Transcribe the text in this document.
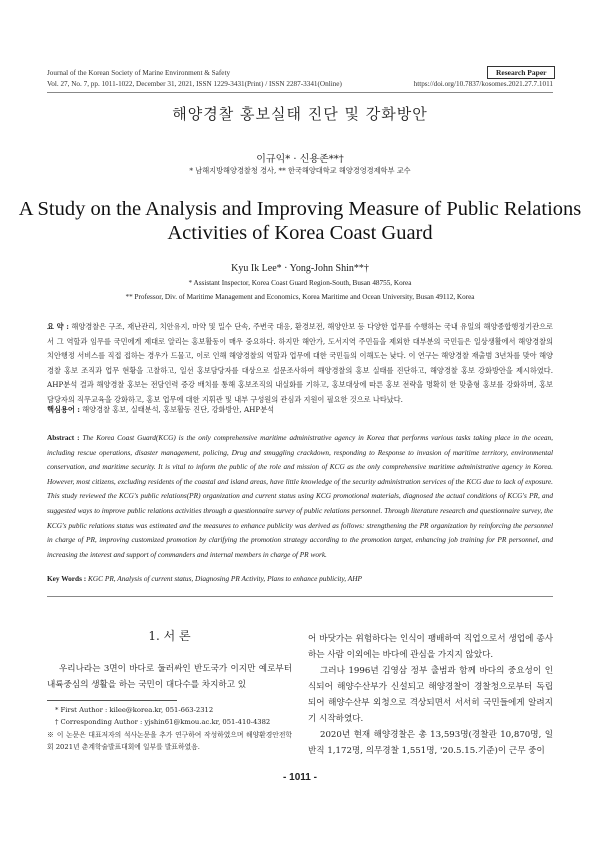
Journal of the Korean Society of Marine Environment & Safety	Research Paper
Vol. 27, No. 7, pp. 1011-1022, December 31, 2021, ISSN 1229-3431(Print) / ISSN 2287-3341(Online)	https://doi.org/10.7837/kosomes.2021.27.7.1011
해양경찰 홍보실태 진단 및 강화방안
이규익* · 신용존**†
* 남해지방해양경찰청 경사, ** 한국해양대학교 해양경영경제학부 교수
A Study on the Analysis and Improving Measure of Public Relations
Activities of Korea Coast Guard
Kyu Ik Lee* · Yong-John Shin**†
* Assistant Inspector, Korea Coast Guard Region-South, Busan 48755, Korea
** Professor, Div. of Maritime Management and Economics, Korea Maritime and Ocean University, Busan 49112, Korea
요 약 : 해양경찰은 구조, 재난관리, 치안유지, 마약 및 밀수 단속, 주변국 대응, 환경보전, 해양안보 등 다양한 업무를 수행하는 국내 유일의 해양종합행정기관으로서 그 역할과 임무를 국민에게 제대로 알리는 홍보활동이 매우 중요하다. 하지만 해안가, 도서지역 주민들을 제외한 대부분의 국민들은 일상생활에서 해양경찰의 치안행정 서비스를 직접 접하는 경우가 드물고, 이로 인해 해양경찰의 역할과 업무에 대한 국민들의 이해도는 낮다. 이 연구는 해양경찰 재출범 3년차를 맞아 해양경찰 홍보 조직과 업무 현황을 고찰하고, 일선 홍보담당자를 대상으로 설문조사하여 해양경찰의 홍보 실태를 진단하고, 해양경찰 홍보 강화방안을 제시하였다. AHP분석 결과 해양경찰 홍보는 전담인력 증강 배치를 통해 홍보조직의 내실화를 기하고, 홍보대상에 따른 홍보 전략을 명확히 한 맞춤형 홍보를 강화하며, 홍보 담당자의 직무교육을 강화하고, 홍보 업무에 대한 지휘관 및 내부 구성원의 관심과 지원이 필요한 것으로 나타났다.
핵심용어 : 해양경찰 홍보, 실태분석, 홍보활동 진단, 강화방안, AHP분석
Abstract : The Korea Coast Guard(KCG) is the only comprehensive maritime administrative agency in Korea that performs various tasks taking place in the ocean, including rescue operations, disaster management, policing, Drug and smuggling crackdown, responding to Response to invasion of maritime territory, environmental conservation, and maritime security. It is vital to inform the public of the role and mission of KCG as the only comprehensive maritime administrative agency in Korea. However, most citizens, excluding residents of the coastal and island areas, have little knowledge of the security administration services of the KCG due to lack of exposure. This study reviewed the KCG's public relations(PR) organization and current status using KCG promotional materials, diagnosed the actual conditions of KCG's PR, and suggested ways to improve public relations activities through a questionnaire survey of public relations personnel. Through literature research and questionnaire survey, the KCG's public relations status was estimated and the measures to enhance publicity was derived as follows: strengthening the PR organization by reinforcing the personnel in charge of PR, improving customized promotion by clarifying the promotion strategy according to the promotion target, enhancing job training for PR personnel, and increasing the interest and support of commanders and internal members in charge of PR work.
Key Words : KGC PR, Analysis of current status, Diagnosing PR Activity, Plans to enhance publicity, AHP
1. 서 론
우리나라는 3면이 바다로 둘러싸인 반도국가 이지만 예로부터 내륙중심의 생활을 하는 국민이 대다수를 차지하고 있
* First Author : kilee@korea.kr, 051-663-2312
† Corresponding Author : yjshin61@kmou.ac.kr, 051-410-4382
※ 이 논문은 대표저자의 석사논문을 추가 연구하여 작성하였으며 해양환경안전학회 2021년 춘계학술발표대회에 일부를 발표하였음.
어 바닷가는 위험하다는 인식이 팽배하여 직업으로서 생업에 종사하는 사람 이외에는 바다에 관심을 가지지 않았다.
그러나 1996년 김영삼 정부 출범과 함께 바다의 중요성이 인식되어 해양수산부가 신설되고 해양경찰이 경찰청으로부터 독립되어 해양수산부 외청으로 격상되면서 서서히 국민들에게 알려지기 시작하였다.
2020년 현재 해양경찰은 총 13,593명(경찰관 10,870명, 일반직 1,172명, 의무경찰 1,551명, '20.5.15.기준)이 근무 중이
- 1011 -
